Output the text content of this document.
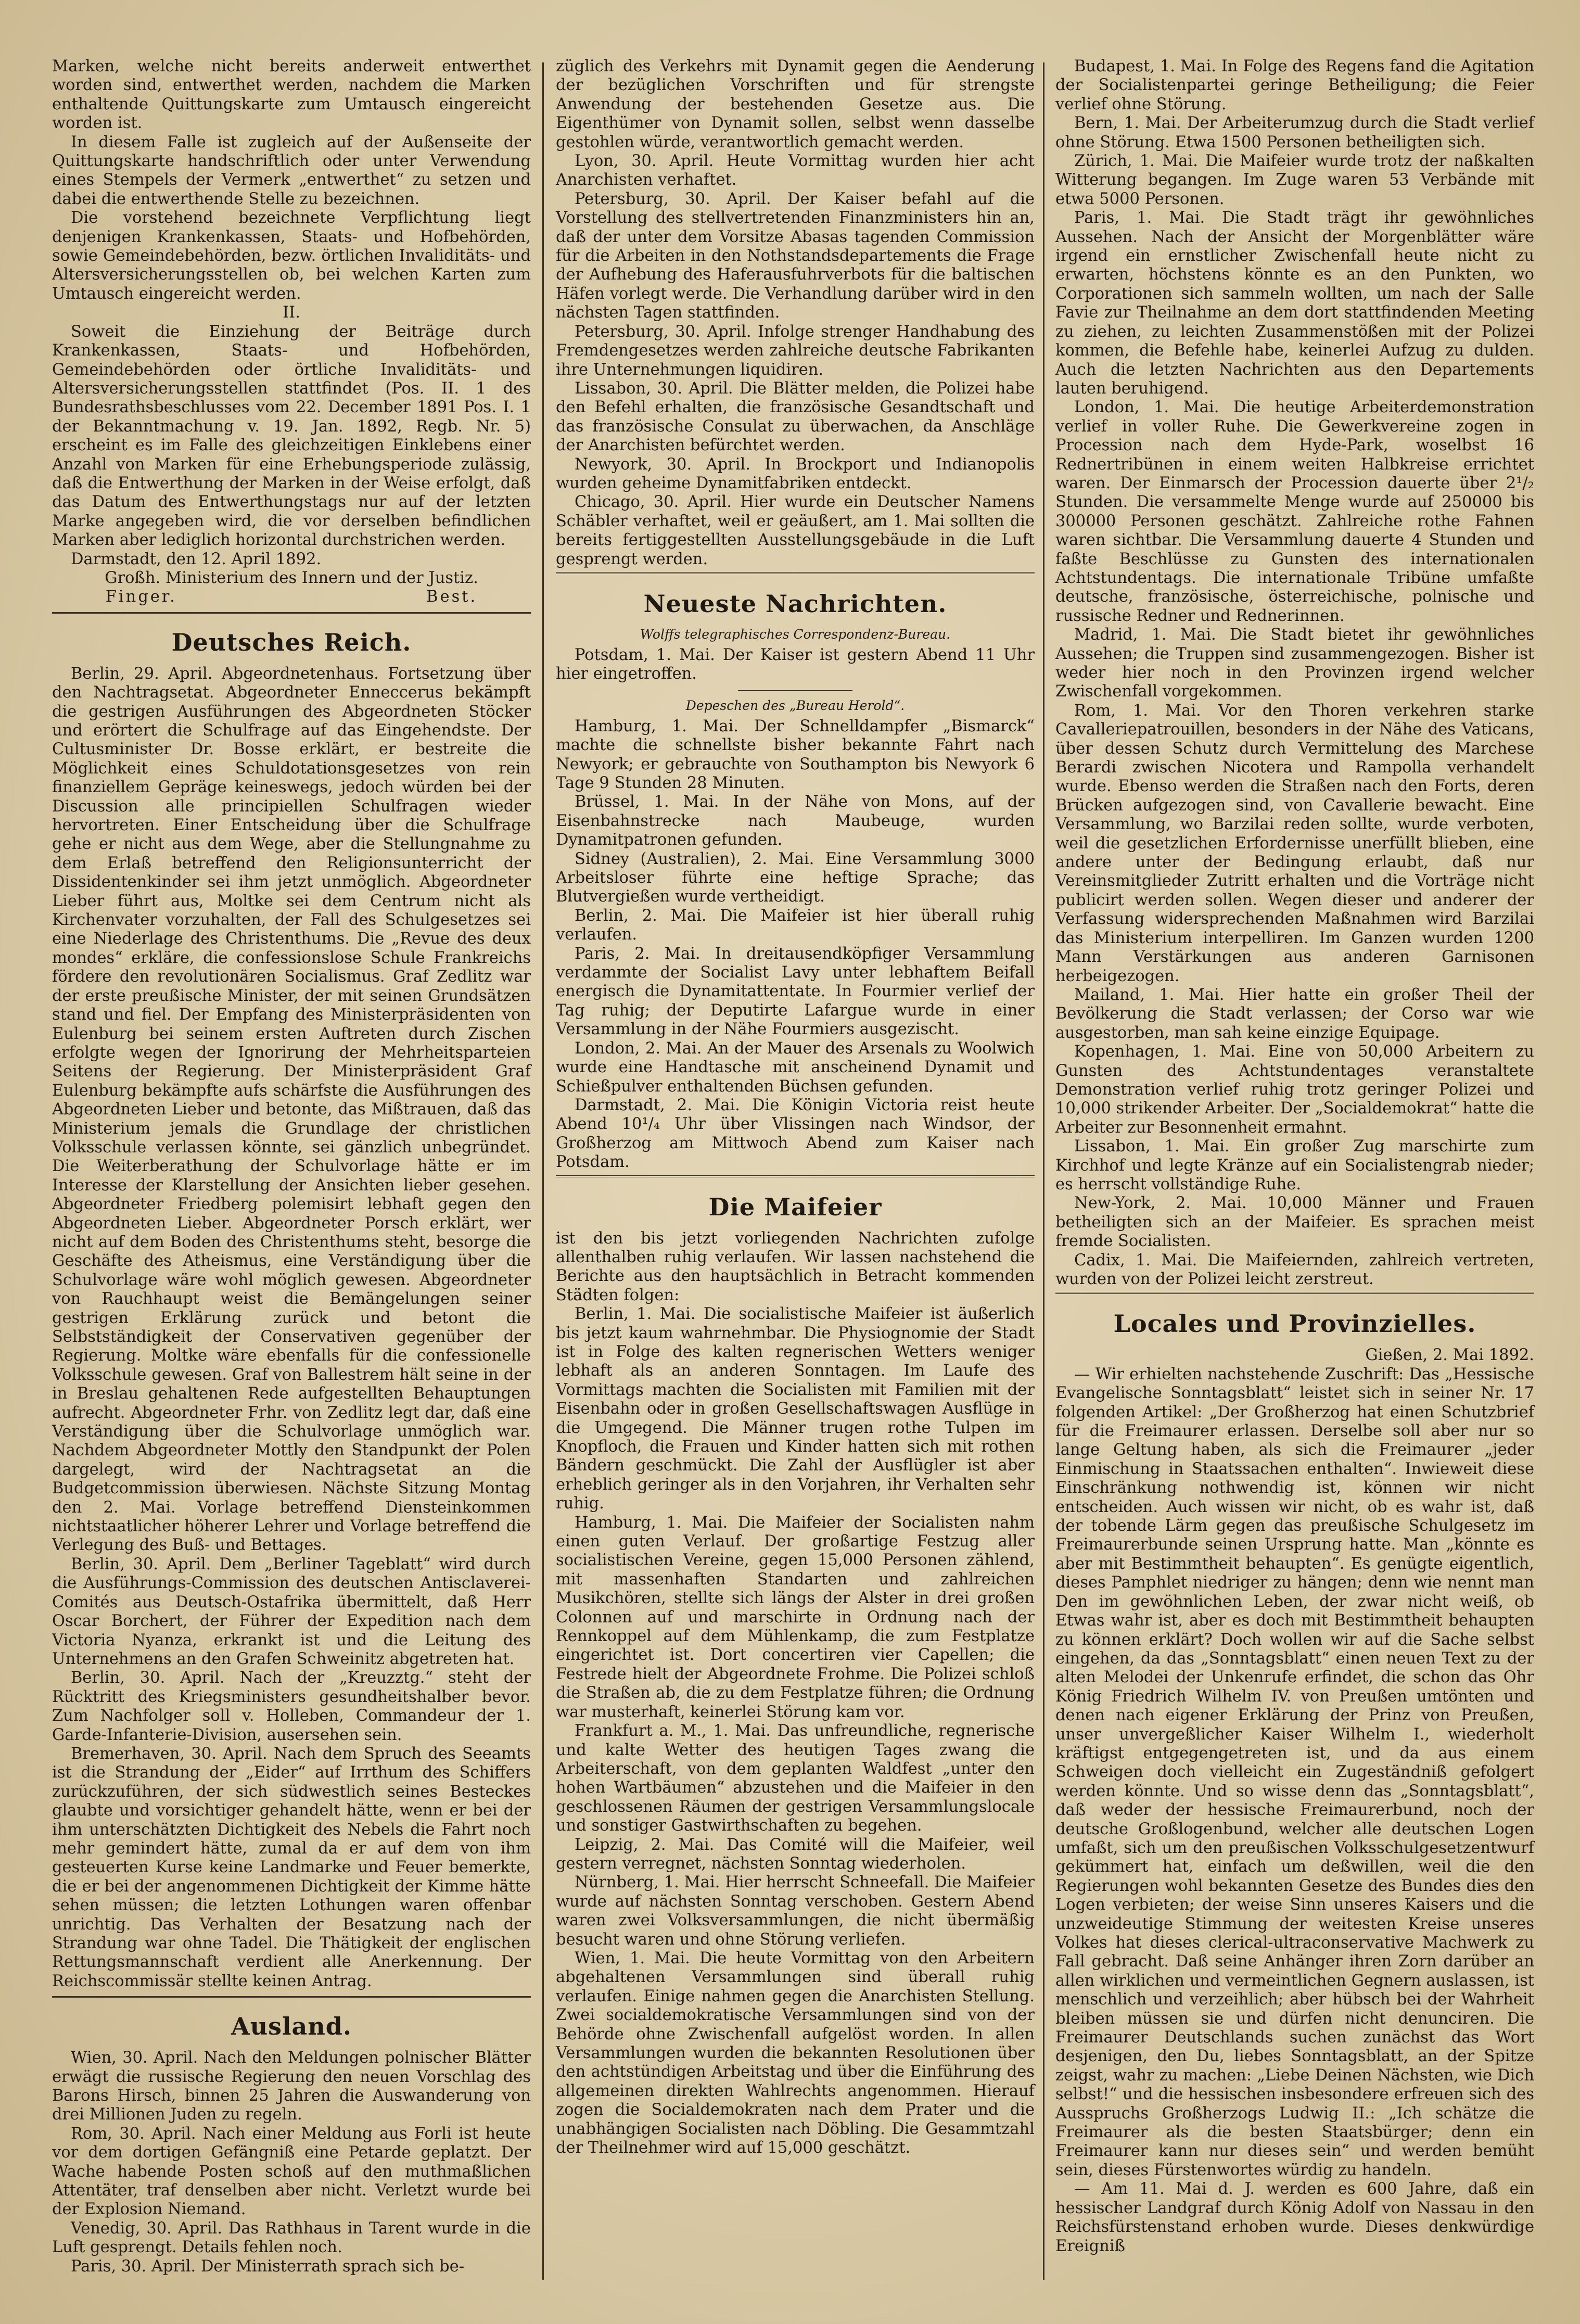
Marken, welche nicht bereits anderweit entwerthet worden sind, entwerthet werden, nachdem die Marken enthaltende Quittungskarte zum Umtausch eingereicht worden ist.

In diesem Falle ist zugleich auf der Außenseite der Quittungskarte handschriftlich oder unter Verwendung eines Stempels der Vermerk „entwerthet“ zu setzen und dabei die entwerthende Stelle zu bezeichnen.

Die vorstehend bezeichnete Verpflichtung liegt denjenigen Krankenkassen, Staats- und Hofbehörden, sowie Gemeindebehörden, bezw. örtlichen Invaliditäts- und Altersversicherungsstellen ob, bei welchen Karten zum Umtausch eingereicht werden.

II.

Soweit die Einziehung der Beiträge durch Krankenkassen, Staats- und Hofbehörden, Gemeindebehörden oder örtliche Invaliditäts- und Altersversicherungsstellen stattfindet (Pos. II. 1 des Bundesrathsbeschlusses vom 22. December 1891 Pos. I. 1 der Bekanntmachung v. 19. Jan. 1892, Regb. Nr. 5) erscheint es im Falle des gleichzeitigen Einklebens einer Anzahl von Marken für eine Erhebungsperiode zulässig, daß die Entwerthung der Marken in der Weise erfolgt, daß das Datum des Entwerthungstags nur auf der letzten Marke angegeben wird, die vor derselben befindlichen Marken aber lediglich horizontal durchstrichen werden.

Darmstadt, den 12. April 1892.

Großh. Ministerium des Innern und der Justiz.

Finger.                                   Best.

Deutsches Reich.

Berlin, 29. April. Abgeordnetenhaus. Fortsetzung über den Nachtragsetat. Abgeordneter Enneccerus bekämpft die gestrigen Ausführungen des Abgeordneten Stöcker und erörtert die Schulfrage auf das Eingehendste. Der Cultusminister Dr. Bosse erklärt, er bestreite die Möglichkeit eines Schuldotationsgesetzes von rein finanziellem Gepräge keineswegs, jedoch würden bei der Discussion alle principiellen Schulfragen wieder hervortreten. Einer Entscheidung über die Schulfrage gehe er nicht aus dem Wege, aber die Stellungnahme zu dem Erlaß betreffend den Religionsunterricht der Dissidentenkinder sei ihm jetzt unmöglich. Abgeordneter Lieber führt aus, Moltke sei dem Centrum nicht als Kirchenvater vorzuhalten, der Fall des Schulgesetzes sei eine Niederlage des Christenthums. Die „Revue des deux mondes“ erkläre, die confessionslose Schule Frankreichs fördere den revolutionären Socialismus. Graf Zedlitz war der erste preußische Minister, der mit seinen Grundsätzen stand und fiel. Der Empfang des Ministerpräsidenten von Eulenburg bei seinem ersten Auftreten durch Zischen erfolgte wegen der Ignorirung der Mehrheitsparteien Seitens der Regierung. Der Ministerpräsident Graf Eulenburg bekämpfte aufs schärfste die Ausführungen des Abgeordneten Lieber und betonte, das Mißtrauen, daß das Ministerium jemals die Grundlage der christlichen Volksschule verlassen könnte, sei gänzlich unbegründet. Die Weiterberathung der Schulvorlage hätte er im Interesse der Klarstellung der Ansichten lieber gesehen. Abgeordneter Friedberg polemisirt lebhaft gegen den Abgeordneten Lieber. Abgeordneter Porsch erklärt, wer nicht auf dem Boden des Christenthums steht, besorge die Geschäfte des Atheismus, eine Verständigung über die Schulvorlage wäre wohl möglich gewesen. Abgeordneter von Rauchhaupt weist die Bemängelungen seiner gestrigen Erklärung zurück und betont die Selbstständigkeit der Conservativen gegenüber der Regierung. Moltke wäre ebenfalls für die confessionelle Volksschule gewesen. Graf von Ballestrem hält seine in der in Breslau gehaltenen Rede aufgestellten Behauptungen aufrecht. Abgeordneter Frhr. von Zedlitz legt dar, daß eine Verständigung über die Schulvorlage unmöglich war. Nachdem Abgeordneter Mottly den Standpunkt der Polen dargelegt, wird der Nachtragsetat an die Budgetcommission überwiesen. Nächste Sitzung Montag den 2. Mai. Vorlage betreffend Diensteinkommen nichtstaatlicher höherer Lehrer und Vorlage betreffend die Verlegung des Buß- und Bettages.

Berlin, 30. April. Dem „Berliner Tageblatt“ wird durch die Ausführungs-Commission des deutschen Antisclaverei-Comités aus Deutsch-Ostafrika übermittelt, daß Herr Oscar Borchert, der Führer der Expedition nach dem Victoria Nyanza, erkrankt ist und die Leitung des Unternehmens an den Grafen Schweinitz abgetreten hat.

Berlin, 30. April. Nach der „Kreuzztg.“ steht der Rücktritt des Kriegsministers gesundheitshalber bevor. Zum Nachfolger soll v. Holleben, Commandeur der 1. Garde-Infanterie-Division, ausersehen sein.

Bremerhaven, 30. April. Nach dem Spruch des Seeamts ist die Strandung der „Eider“ auf Irrthum des Schiffers zurückzuführen, der sich südwestlich seines Besteckes glaubte und vorsichtiger gehandelt hätte, wenn er bei der ihm unterschätzten Dichtigkeit des Nebels die Fahrt noch mehr gemindert hätte, zumal da er auf dem von ihm gesteuerten Kurse keine Landmarke und Feuer bemerkte, die er bei der angenommenen Dichtigkeit der Kimme hätte sehen müssen; die letzten Lothungen waren offenbar unrichtig. Das Verhalten der Besatzung nach der Strandung war ohne Tadel. Die Thätigkeit der englischen Rettungsmannschaft verdient alle Anerkennung. Der Reichscommissär stellte keinen Antrag.

Ausland.

Wien, 30. April. Nach den Meldungen polnischer Blätter erwägt die russische Regierung den neuen Vorschlag des Barons Hirsch, binnen 25 Jahren die Auswanderung von drei Millionen Juden zu regeln.

Rom, 30. April. Nach einer Meldung aus Forli ist heute vor dem dortigen Gefängniß eine Petarde geplatzt. Der Wache habende Posten schoß auf den muthmaßlichen Attentäter, traf denselben aber nicht. Verletzt wurde bei der Explosion Niemand.

Venedig, 30. April. Das Rathhaus in Tarent wurde in die Luft gesprengt. Details fehlen noch.

Paris, 30. April. Der Ministerrath sprach sich be-

züglich des Verkehrs mit Dynamit gegen die Aenderung der bezüglichen Vorschriften und für strengste Anwendung der bestehenden Gesetze aus. Die Eigenthümer von Dynamit sollen, selbst wenn dasselbe gestohlen würde, verantwortlich gemacht werden.

Lyon, 30. April. Heute Vormittag wurden hier acht Anarchisten verhaftet.

Petersburg, 30. April. Der Kaiser befahl auf die Vorstellung des stellvertretenden Finanzministers hin an, daß der unter dem Vorsitze Abasas tagenden Commission für die Arbeiten in den Nothstandsdepartements die Frage der Aufhebung des Haferausfuhrverbots für die baltischen Häfen vorlegt werde. Die Verhandlung darüber wird in den nächsten Tagen stattfinden.

Petersburg, 30. April. Infolge strenger Handhabung des Fremdengesetzes werden zahlreiche deutsche Fabrikanten ihre Unternehmungen liquidiren.

Lissabon, 30. April. Die Blätter melden, die Polizei habe den Befehl erhalten, die französische Gesandtschaft und das französische Consulat zu überwachen, da Anschläge der Anarchisten befürchtet werden.

Newyork, 30. April. In Brockport und Indianopolis wurden geheime Dynamitfabriken entdeckt.

Chicago, 30. April. Hier wurde ein Deutscher Namens Schäbler verhaftet, weil er geäußert, am 1. Mai sollten die bereits fertiggestellten Ausstellungsgebäude in die Luft gesprengt werden.

Neueste Nachrichten.
Wolffs telegraphisches Correspondenz-Bureau.

Potsdam, 1. Mai. Der Kaiser ist gestern Abend 11 Uhr hier eingetroffen.

Depeschen des „Bureau Herold“.

Hamburg, 1. Mai. Der Schnelldampfer „Bismarck“ machte die schnellste bisher bekannte Fahrt nach Newyork; er gebrauchte von Southampton bis Newyork 6 Tage 9 Stunden 28 Minuten.

Brüssel, 1. Mai. In der Nähe von Mons, auf der Eisenbahnstrecke nach Maubeuge, wurden Dynamitpatronen gefunden.

Sidney (Australien), 2. Mai. Eine Versammlung 3000 Arbeitsloser führte eine heftige Sprache; das Blutvergießen wurde vertheidigt.

Berlin, 2. Mai. Die Maifeier ist hier überall ruhig verlaufen.

Paris, 2. Mai. In dreitausendköpfiger Versammlung verdammte der Socialist Lavy unter lebhaftem Beifall energisch die Dynamitattentate. In Fourmier verlief der Tag ruhig; der Deputirte Lafargue wurde in einer Versammlung in der Nähe Fourmiers ausgezischt.

London, 2. Mai. An der Mauer des Arsenals zu Woolwich wurde eine Handtasche mit anscheinend Dynamit und Schießpulver enthaltenden Büchsen gefunden.

Darmstadt, 2. Mai. Die Königin Victoria reist heute Abend 10¹/₄ Uhr über Vlissingen nach Windsor, der Großherzog am Mittwoch Abend zum Kaiser nach Potsdam.

Die Maifeier

ist den bis jetzt vorliegenden Nachrichten zufolge allenthalben ruhig verlaufen. Wir lassen nachstehend die Berichte aus den hauptsächlich in Betracht kommenden Städten folgen:

Berlin, 1. Mai. Die socialistische Maifeier ist äußerlich bis jetzt kaum wahrnehmbar. Die Physiognomie der Stadt ist in Folge des kalten regnerischen Wetters weniger lebhaft als an anderen Sonntagen. Im Laufe des Vormittags machten die Socialisten mit Familien mit der Eisenbahn oder in großen Gesellschaftswagen Ausflüge in die Umgegend. Die Männer trugen rothe Tulpen im Knopfloch, die Frauen und Kinder hatten sich mit rothen Bändern geschmückt. Die Zahl der Ausflügler ist aber erheblich geringer als in den Vorjahren, ihr Verhalten sehr ruhig.

Hamburg, 1. Mai. Die Maifeier der Socialisten nahm einen guten Verlauf. Der großartige Festzug aller socialistischen Vereine, gegen 15,000 Personen zählend, mit massenhaften Standarten und zahlreichen Musikchören, stellte sich längs der Alster in drei großen Colonnen auf und marschirte in Ordnung nach der Rennkoppel auf dem Mühlenkamp, die zum Festplatze eingerichtet ist. Dort concertiren vier Capellen; die Festrede hielt der Abgeordnete Frohme. Die Polizei schloß die Straßen ab, die zu dem Festplatze führen; die Ordnung war musterhaft, keinerlei Störung kam vor.

Frankfurt a. M., 1. Mai. Das unfreundliche, regnerische und kalte Wetter des heutigen Tages zwang die Arbeiterschaft, von dem geplanten Waldfest „unter den hohen Wartbäumen“ abzustehen und die Maifeier in den geschlossenen Räumen der gestrigen Versammlungslocale und sonstiger Gastwirthschaften zu begehen.

Leipzig, 2. Mai. Das Comité will die Maifeier, weil gestern verregnet, nächsten Sonntag wiederholen.

Nürnberg, 1. Mai. Hier herrscht Schneefall. Die Maifeier wurde auf nächsten Sonntag verschoben. Gestern Abend waren zwei Volksversammlungen, die nicht übermäßig besucht waren und ohne Störung verliefen.

Wien, 1. Mai. Die heute Vormittag von den Arbeitern abgehaltenen Versammlungen sind überall ruhig verlaufen. Einige nahmen gegen die Anarchisten Stellung. Zwei socialdemokratische Versammlungen sind von der Behörde ohne Zwischenfall aufgelöst worden. In allen Versammlungen wurden die bekannten Resolutionen über den achtstündigen Arbeitstag und über die Einführung des allgemeinen direkten Wahlrechts angenommen. Hierauf zogen die Socialdemokraten nach dem Prater und die unabhängigen Socialisten nach Döbling. Die Gesammtzahl der Theilnehmer wird auf 15,000 geschätzt.

Budapest, 1. Mai. In Folge des Regens fand die Agitation der Socialistenpartei geringe Betheiligung; die Feier verlief ohne Störung.

Bern, 1. Mai. Der Arbeiterumzug durch die Stadt verlief ohne Störung. Etwa 1500 Personen betheiligten sich.

Zürich, 1. Mai. Die Maifeier wurde trotz der naßkalten Witterung begangen. Im Zuge waren 53 Verbände mit etwa 5000 Personen.

Paris, 1. Mai. Die Stadt trägt ihr gewöhnliches Aussehen. Nach der Ansicht der Morgenblätter wäre irgend ein ernstlicher Zwischenfall heute nicht zu erwarten, höchstens könnte es an den Punkten, wo Corporationen sich sammeln wollten, um nach der Salle Favie zur Theilnahme an dem dort stattfindenden Meeting zu ziehen, zu leichten Zusammenstößen mit der Polizei kommen, die Befehle habe, keinerlei Aufzug zu dulden. Auch die letzten Nachrichten aus den Departements lauten beruhigend.

London, 1. Mai. Die heutige Arbeiterdemonstration verlief in voller Ruhe. Die Gewerkvereine zogen in Procession nach dem Hyde-Park, woselbst 16 Rednertribünen in einem weiten Halbkreise errichtet waren. Der Einmarsch der Procession dauerte über 2¹/₂ Stunden. Die versammelte Menge wurde auf 250000 bis 300000 Personen geschätzt. Zahlreiche rothe Fahnen waren sichtbar. Die Versammlung dauerte 4 Stunden und faßte Beschlüsse zu Gunsten des internationalen Achtstundentags. Die internationale Tribüne umfaßte deutsche, französische, österreichische, polnische und russische Redner und Rednerinnen.

Madrid, 1. Mai. Die Stadt bietet ihr gewöhnliches Aussehen; die Truppen sind zusammengezogen. Bisher ist weder hier noch in den Provinzen irgend welcher Zwischenfall vorgekommen.

Rom, 1. Mai. Vor den Thoren verkehren starke Cavalleriepatrouillen, besonders in der Nähe des Vaticans, über dessen Schutz durch Vermittelung des Marchese Berardi zwischen Nicotera und Rampolla verhandelt wurde. Ebenso werden die Straßen nach den Forts, deren Brücken aufgezogen sind, von Cavallerie bewacht. Eine Versammlung, wo Barzilai reden sollte, wurde verboten, weil die gesetzlichen Erfordernisse unerfüllt blieben, eine andere unter der Bedingung erlaubt, daß nur Vereinsmitglieder Zutritt erhalten und die Vorträge nicht publicirt werden sollen. Wegen dieser und anderer der Verfassung widersprechenden Maßnahmen wird Barzilai das Ministerium interpelliren. Im Ganzen wurden 1200 Mann Verstärkungen aus anderen Garnisonen herbeigezogen.

Mailand, 1. Mai. Hier hatte ein großer Theil der Bevölkerung die Stadt verlassen; der Corso war wie ausgestorben, man sah keine einzige Equipage.

Kopenhagen, 1. Mai. Eine von 50,000 Arbeitern zu Gunsten des Achtstundentages veranstaltete Demonstration verlief ruhig trotz geringer Polizei und 10,000 strikender Arbeiter. Der „Socialdemokrat“ hatte die Arbeiter zur Besonnenheit ermahnt.

Lissabon, 1. Mai. Ein großer Zug marschirte zum Kirchhof und legte Kränze auf ein Socialistengrab nieder; es herrscht vollständige Ruhe.

New-York, 2. Mai. 10,000 Männer und Frauen betheiligten sich an der Maifeier. Es sprachen meist fremde Socialisten.

Cadix, 1. Mai. Die Maifeiernden, zahlreich vertreten, wurden von der Polizei leicht zerstreut.

Locales und Provinzielles.

Gießen, 2. Mai 1892.

— Wir erhielten nachstehende Zuschrift: Das „Hessische Evangelische Sonntagsblatt“ leistet sich in seiner Nr. 17 folgenden Artikel: „Der Großherzog hat einen Schutzbrief für die Freimaurer erlassen. Derselbe soll aber nur so lange Geltung haben, als sich die Freimaurer „jeder Einmischung in Staatssachen enthalten“. Inwieweit diese Einschränkung nothwendig ist, können wir nicht entscheiden. Auch wissen wir nicht, ob es wahr ist, daß der tobende Lärm gegen das preußische Schulgesetz im Freimaurerbunde seinen Ursprung hatte. Man „könnte es aber mit Bestimmtheit behaupten“. Es genügte eigentlich, dieses Pamphlet niedriger zu hängen; denn wie nennt man Den im gewöhnlichen Leben, der zwar nicht weiß, ob Etwas wahr ist, aber es doch mit Bestimmtheit behaupten zu können erklärt? Doch wollen wir auf die Sache selbst eingehen, da das „Sonntagsblatt“ einen neuen Text zu der alten Melodei der Unkenrufe erfindet, die schon das Ohr König Friedrich Wilhelm IV. von Preußen umtönten und denen nach eigener Erklärung der Prinz von Preußen, unser unvergeßlicher Kaiser Wilhelm I., wiederholt kräftigst entgegengetreten ist, und da aus einem Schweigen doch vielleicht ein Zugeständniß gefolgert werden könnte. Und so wisse denn das „Sonntagsblatt“, daß weder der hessische Freimaurerbund, noch der deutsche Großlogenbund, welcher alle deutschen Logen umfaßt, sich um den preußischen Volksschulgesetzentwurf gekümmert hat, einfach um deßwillen, weil die den Regierungen wohl bekannten Gesetze des Bundes dies den Logen verbieten; der weise Sinn unseres Kaisers und die unzweideutige Stimmung der weitesten Kreise unseres Volkes hat dieses clerical-ultraconservative Machwerk zu Fall gebracht. Daß seine Anhänger ihren Zorn darüber an allen wirklichen und vermeintlichen Gegnern auslassen, ist menschlich und verzeihlich; aber hübsch bei der Wahrheit bleiben müssen sie und dürfen nicht denunciren. Die Freimaurer Deutschlands suchen zunächst das Wort desjenigen, den Du, liebes Sonntagsblatt, an der Spitze zeigst, wahr zu machen: „Liebe Deinen Nächsten, wie Dich selbst!“ und die hessischen insbesondere erfreuen sich des Ausspruchs Großherzogs Ludwig II.: „Ich schätze die Freimaurer als die besten Staatsbürger; denn ein Freimaurer kann nur dieses sein“ und werden bemüht sein, dieses Fürstenwortes würdig zu handeln.

— Am 11. Mai d. J. werden es 600 Jahre, daß ein hessischer Landgraf durch König Adolf von Nassau in den Reichsfürstenstand erhoben wurde. Dieses denkwürdige Ereigniß
